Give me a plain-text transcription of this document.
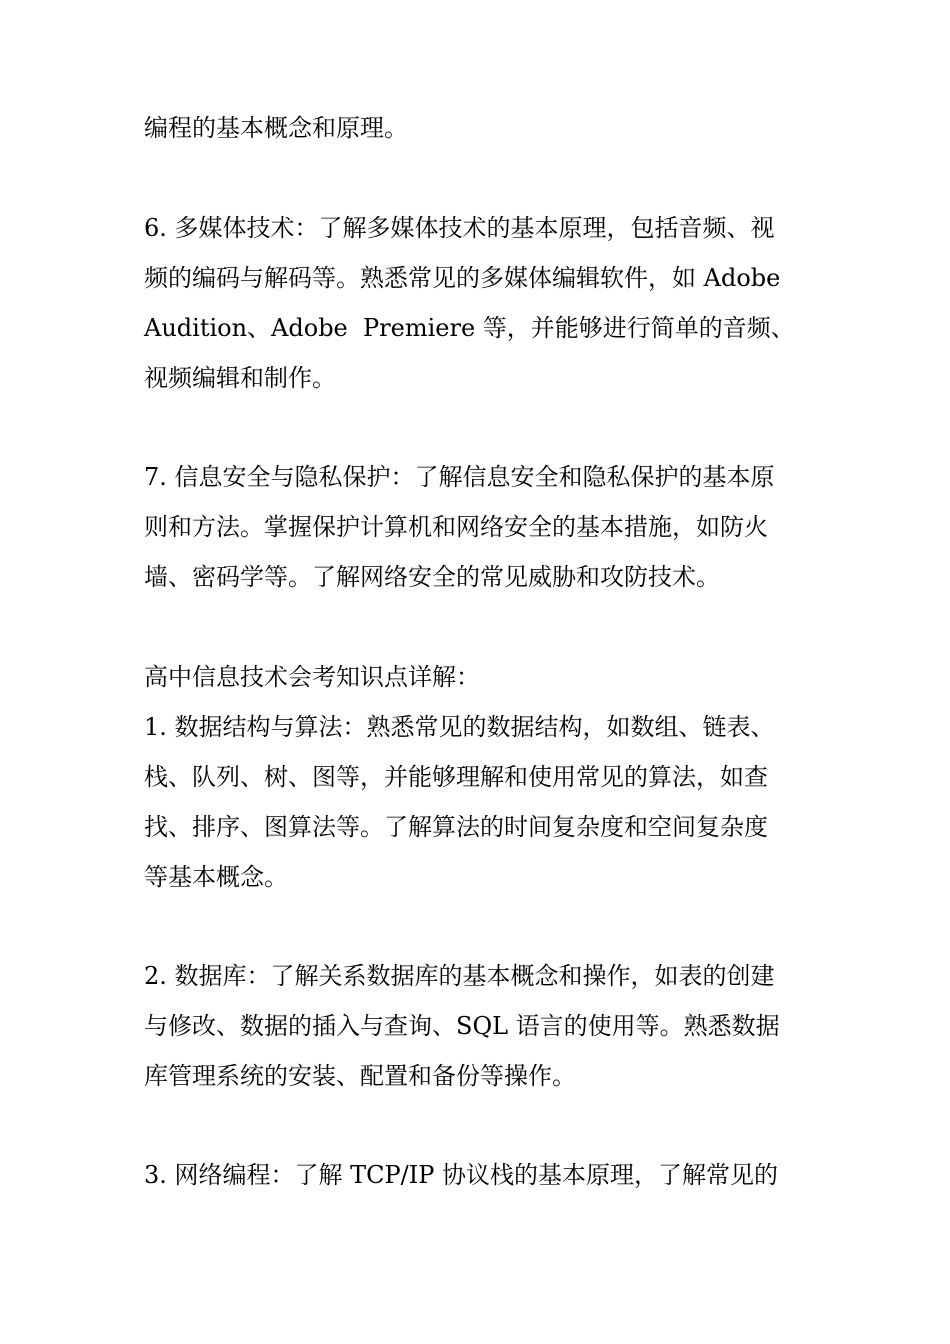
编程的基本概念和原理。

6. 多媒体技术：了解多媒体技术的基本原理，包括音频、视

频的编码与解码等。熟悉常见的多媒体编辑软件，如 Adobe

Audition、Adobe  Premiere 等，并能够进行简单的音频、

视频编辑和制作。

7. 信息安全与隐私保护：了解信息安全和隐私保护的基本原

则和方法。掌握保护计算机和网络安全的基本措施，如防火

墙、密码学等。了解网络安全的常见威胁和攻防技术。

高中信息技术会考知识点详解：

1. 数据结构与算法：熟悉常见的数据结构，如数组、链表、

栈、队列、树、图等，并能够理解和使用常见的算法，如查

找、排序、图算法等。了解算法的时间复杂度和空间复杂度

等基本概念。

2. 数据库：了解关系数据库的基本概念和操作，如表的创建

与修改、数据的插入与查询、SQL 语言的使用等。熟悉数据

库管理系统的安装、配置和备份等操作。

3. 网络编程：了解 TCP/IP 协议栈的基本原理，了解常见的
